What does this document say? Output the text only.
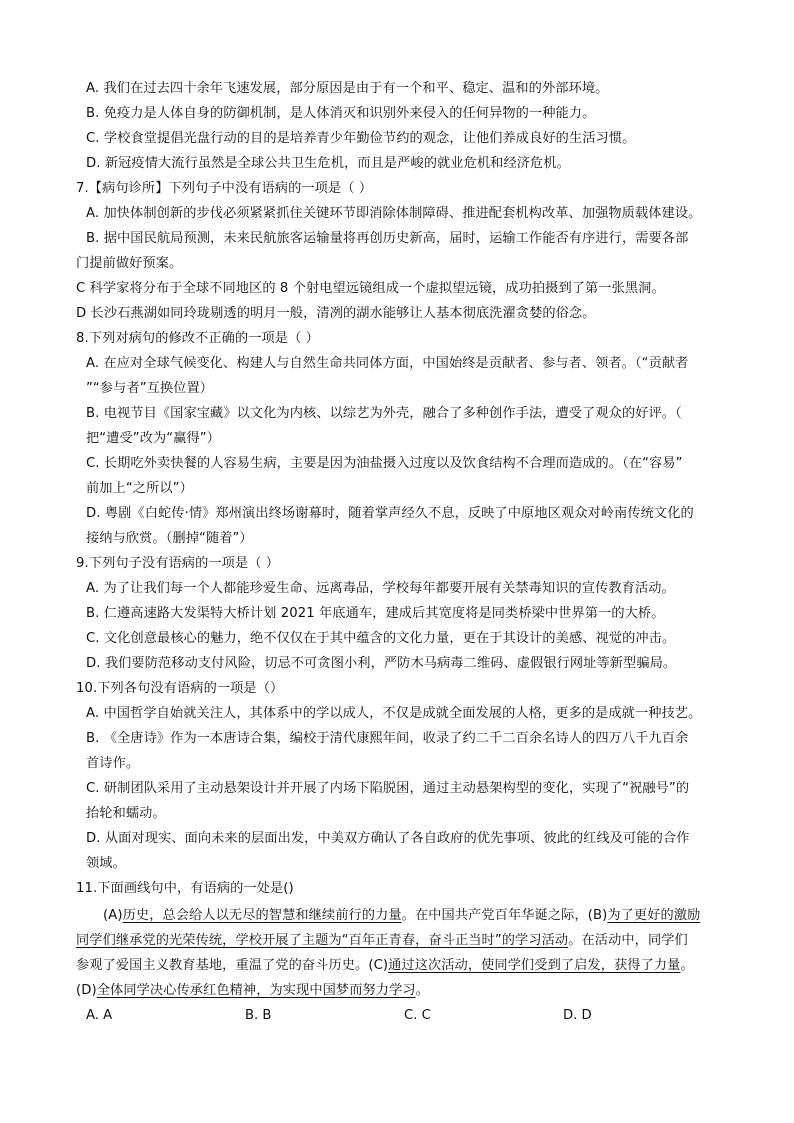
A. 我们在过去四十余年飞速发展，部分原因是由于有一个和平、稳定、温和的外部环境。
B. 免疫力是人体自身的防御机制，是人体消灭和识别外来侵入的任何异物的一种能力。
C. 学校食堂提倡光盘行动的目的是培养青少年勤俭节约的观念，让他们养成良好的生活习惯。
D. 新冠疫情大流行虽然是全球公共卫生危机，而且是严峻的就业危机和经济危机。
7.【病句诊所】下列句子中没有语病的一项是（ ）
A. 加快体制创新的步伐必须紧紧抓住关键环节即消除体制障碍、推进配套机构改革、加强物质载体建设。
B. 据中国民航局预测，未来民航旅客运输量将再创历史新高，届时，运输工作能否有序进行，需要各部
门提前做好预案。
C 科学家将分布于全球不同地区的 8 个射电望远镜组成一个虚拟望远镜，成功拍摄到了第一张黑洞。
D 长沙石燕湖如同玲珑剔透的明月一般，清冽的湖水能够让人基本彻底洗濯贪婪的俗念。
8.下列对病句的修改不正确的一项是（ ）
A. 在应对全球气候变化、构建人与自然生命共同体方面，中国始终是贡献者、参与者、领者。（“贡献者
”“参与者”互换位置）
B. 电视节目《国家宝藏》以文化为内核、以综艺为外壳，融合了多种创作手法，遭受了观众的好评。（
把“遭受”改为“赢得”）
C. 长期吃外卖快餐的人容易生病，主要是因为油盐摄入过度以及饮食结构不合理而造成的。（在“容易”
前加上“之所以”）
D. 粤剧《白蛇传·情》郑州演出终场谢幕时，随着掌声经久不息，反映了中原地区观众对岭南传统文化的
接纳与欣赏。（删掉“随着”）
9.下列句子没有语病的一项是（ ）
A. 为了让我们每一个人都能珍爱生命、远离毒品，学校每年都要开展有关禁毒知识的宣传教育活动。
B. 仁遵高速路大发渠特大桥计划 2021 年底通车，建成后其宽度将是同类桥梁中世界第一的大桥。
C. 文化创意最核心的魅力，绝不仅仅在于其中蕴含的文化力量，更在于其设计的美感、视觉的冲击。
D. 我们要防范移动支付风险，切忌不可贪图小利，严防木马病毒二维码、虚假银行网址等新型骗局。
10.下列各句没有语病的一项是（）
A. 中国哲学自始就关注人，其体系中的学以成人，不仅是成就全面发展的人格，更多的是成就一种技艺。
B. 《全唐诗》作为一本唐诗合集，编校于清代康熙年间，收录了约二千二百余名诗人的四万八千九百余
首诗作。
C. 研制团队采用了主动悬架设计并开展了内场下陷脱困，通过主动悬架构型的变化，实现了“祝融号”的
抬轮和蠕动。
D. 从面对现实、面向未来的层面出发，中美双方确认了各自政府的优先事项、彼此的红线及可能的合作
领域。
11.下面画线句中，有语病的一处是()
(A)历史，总会给人以无尽的智慧和继续前行的力量。在中国共产党百年华诞之际，(B)为了更好的激励
同学们继承党的光荣传统，学校开展了主题为“百年正青春，奋斗正当时”的学习活动。在活动中，同学们
参观了爱国主义教育基地，重温了党的奋斗历史。(C)通过这次活动，使同学们受到了启发，获得了力量。
(D)全体同学决心传承红色精神，为实现中国梦而努力学习。
A. A	B. B	C. C	D. D
